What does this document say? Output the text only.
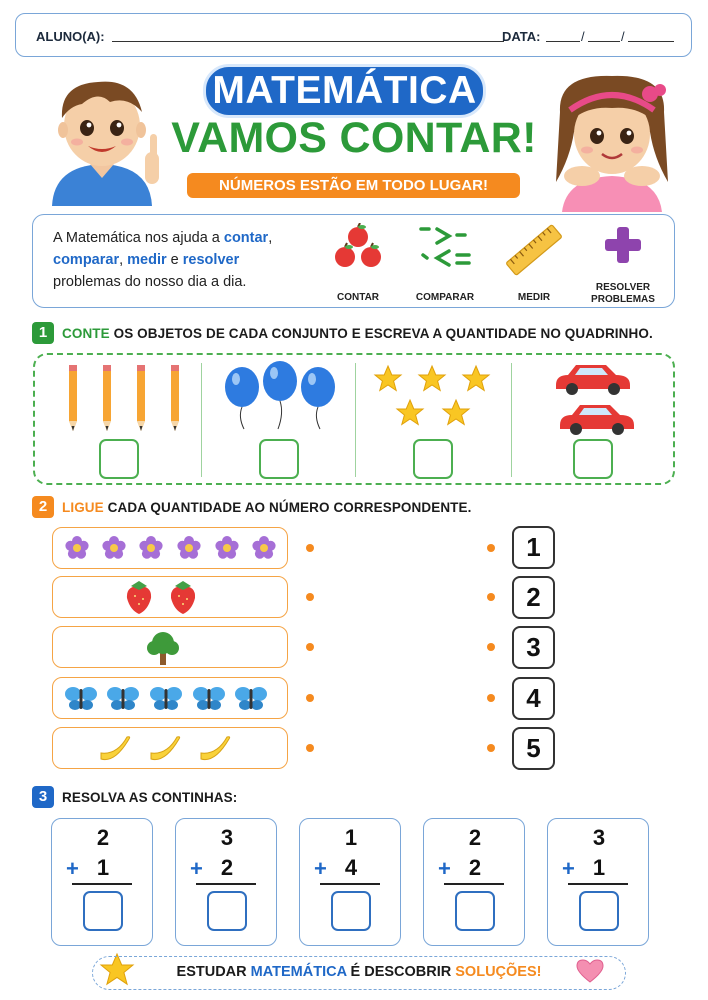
ALUNO(A):	DATA:	/	/
MATEMÁTICA
VAMOS CONTAR!
NÚMEROS ESTÃO EM TODO LUGAR!
A Matemática nos ajuda a contar,
comparar, medir e resolver
problemas do nosso dia a dia.
CONTAR	COMPARAR	MEDIR
RESOLVER
PROBLEMAS
1	CONTE OS OBJETOS DE CADA CONJUNTO E ESCREVA A QUANTIDADE NO QUADRINHO.
2	LIGUE CADA QUANTIDADE AO NÚMERO CORRESPONDENTE.
1
2
3
4
5
3	RESOLVA AS CONTINHAS:
2
+ 1
3
+ 2
1
+ 4
2
+ 2
3
+ 1
ESTUDAR MATEMÁTICA É DESCOBRIR SOLUÇÕES!
